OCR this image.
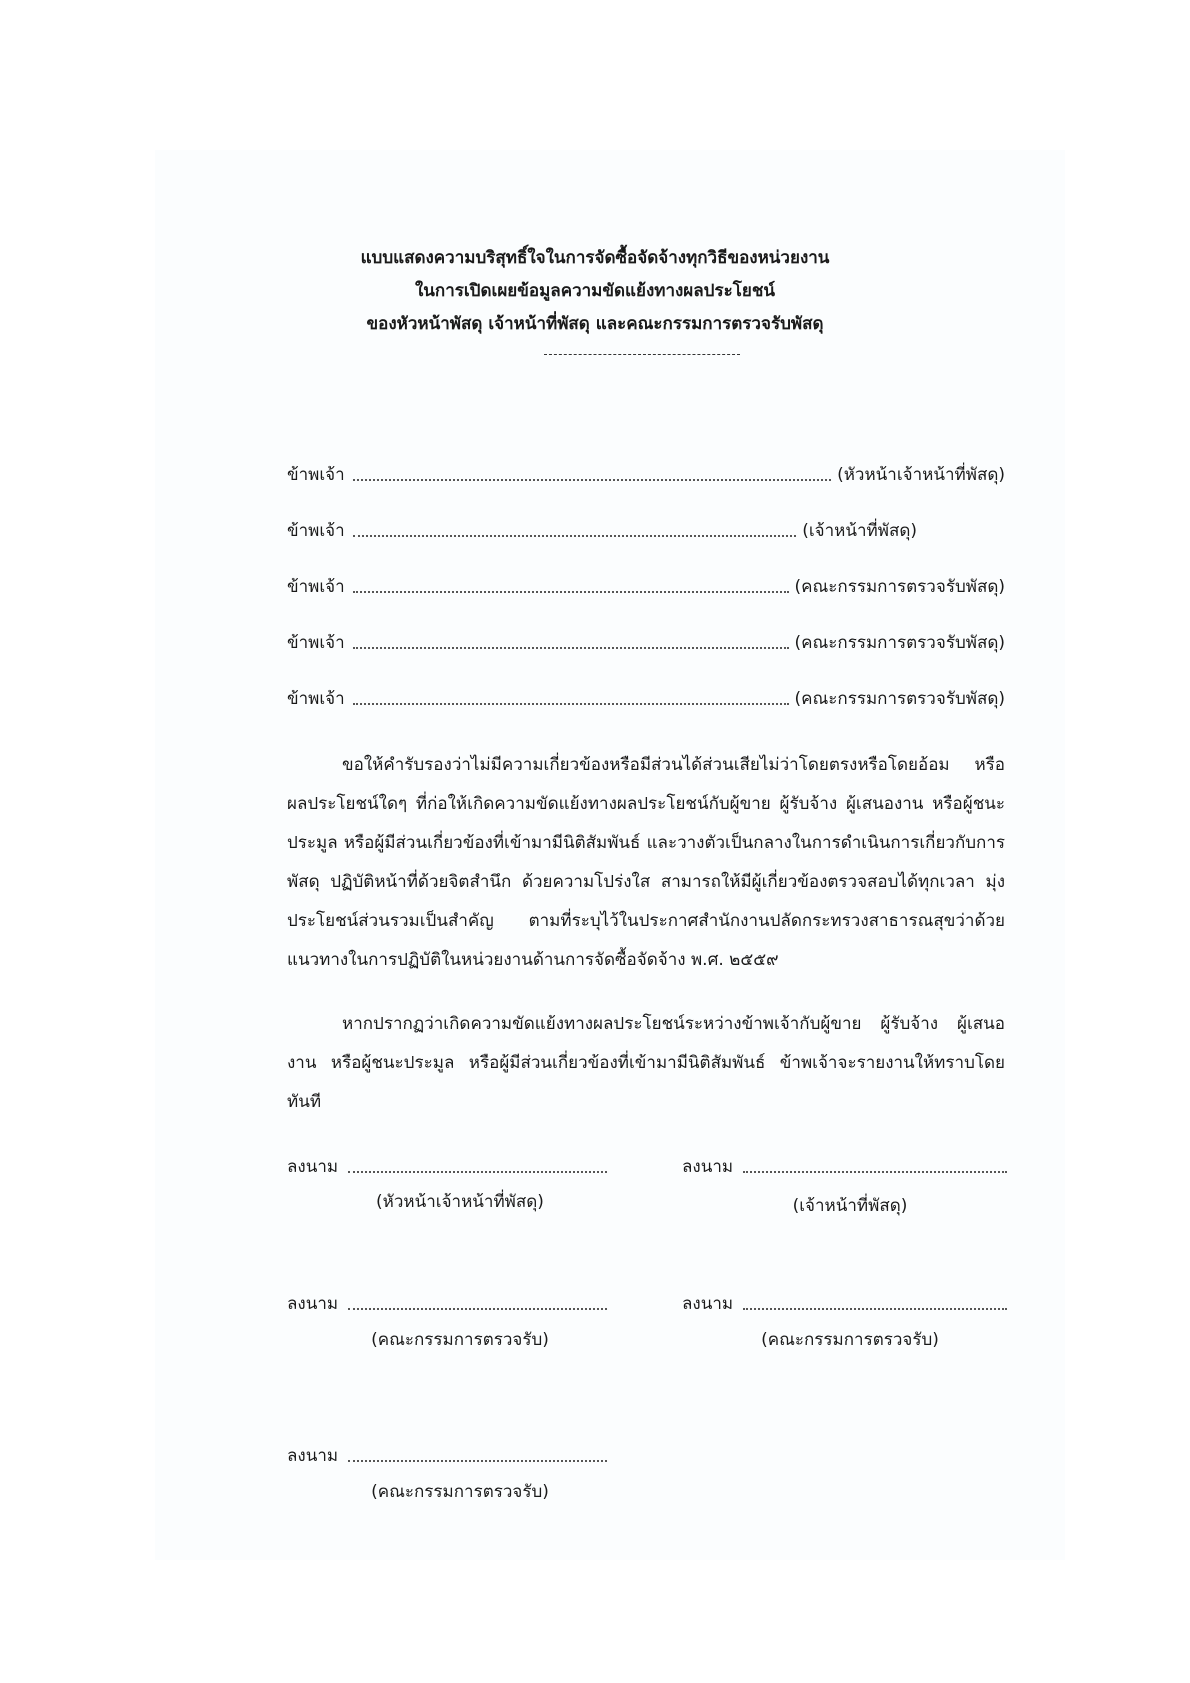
แบบแสดงความบริสุทธิ์ใจในการจัดซื้อจัดจ้างทุกวิธีของหน่วยงาน
ในการเปิดเผยข้อมูลความขัดแย้งทางผลประโยชน์
ของหัวหน้าพัสดุ เจ้าหน้าที่พัสดุ และคณะกรรมการตรวจรับพัสดุ
ข้าพเจ้า	(หัวหน้าเจ้าหน้าที่พัสดุ)
ข้าพเจ้า	(เจ้าหน้าที่พัสดุ)
ข้าพเจ้า	(คณะกรรมการตรวจรับพัสดุ)
ข้าพเจ้า	(คณะกรรมการตรวจรับพัสดุ)
ข้าพเจ้า	(คณะกรรมการตรวจรับพัสดุ)
ขอให้คำรับรองว่าไม่มีความเกี่ยวข้องหรือมีส่วนได้ส่วนเสียไม่ว่าโดยตรงหรือโดยอ้อม หรือผลประโยชน์ใดๆ ที่ก่อให้เกิดความขัดแย้งทางผลประโยชน์กับผู้ขาย ผู้รับจ้าง ผู้เสนองาน หรือผู้ชนะประมูล หรือผู้มีส่วนเกี่ยวข้องที่เข้ามามีนิติสัมพันธ์ และวางตัวเป็นกลางในการดำเนินการเกี่ยวกับการพัสดุ ปฏิบัติหน้าที่ด้วยจิตสำนึก ด้วยความโปร่งใส สามารถให้มีผู้เกี่ยวข้องตรวจสอบได้ทุกเวลา มุ่งประโยชน์ส่วนรวมเป็นสำคัญ ตามที่ระบุไว้ในประกาศสำนักงานปลัดกระทรวงสาธารณสุขว่าด้วยแนวทางในการปฏิบัติในหน่วยงานด้านการจัดซื้อจัดจ้าง พ.ศ. ๒๕๕๙
หากปรากฏว่าเกิดความขัดแย้งทางผลประโยชน์ระหว่างข้าพเจ้ากับผู้ขาย ผู้รับจ้าง ผู้เสนองาน หรือผู้ชนะประมูล หรือผู้มีส่วนเกี่ยวข้องที่เข้ามามีนิติสัมพันธ์ ข้าพเจ้าจะรายงานให้ทราบโดยทันที
ลงนาม
(หัวหน้าเจ้าหน้าที่พัสดุ)
ลงนาม
(เจ้าหน้าที่พัสดุ)
ลงนาม
(คณะกรรมการตรวจรับ)
ลงนาม
(คณะกรรมการตรวจรับ)
ลงนาม
(คณะกรรมการตรวจรับ)
